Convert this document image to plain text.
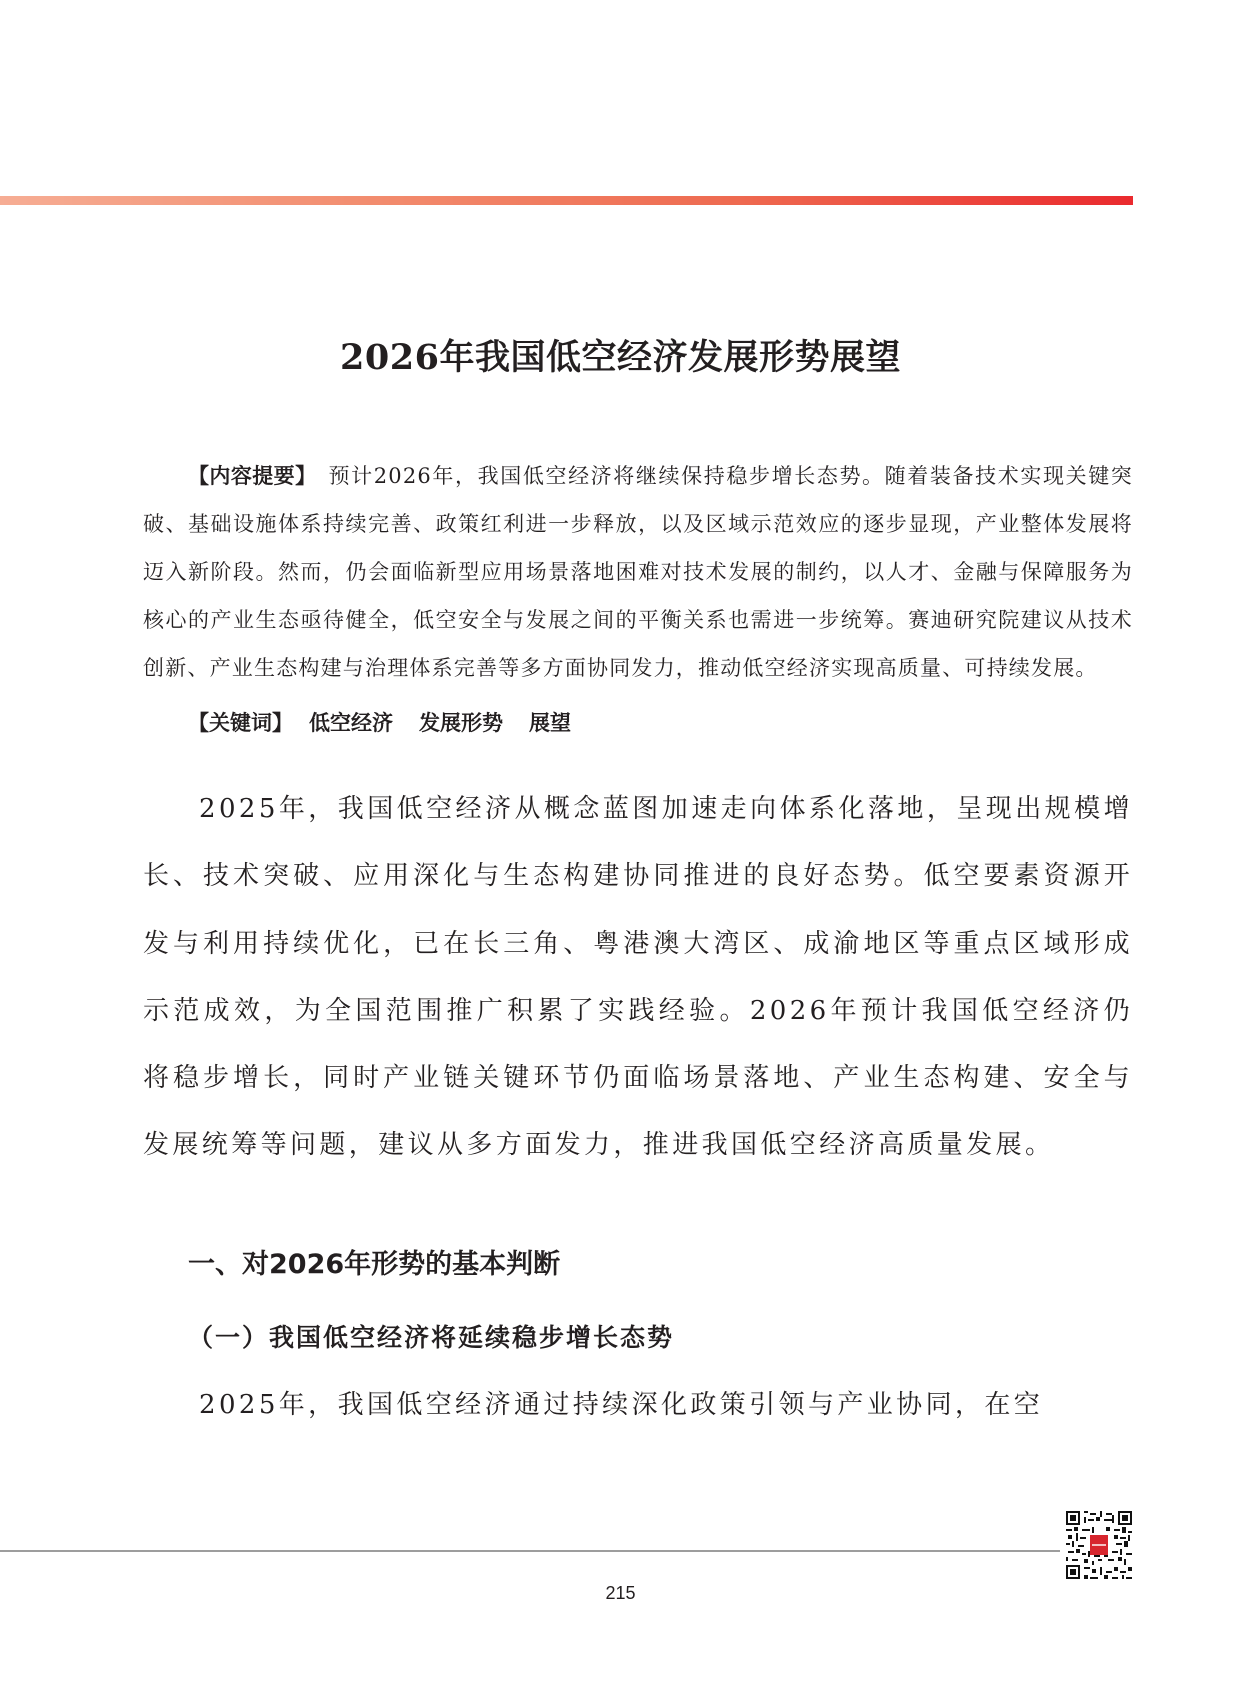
2026年我国低空经济发展形势展望
【内容提要】 预计2026年，我国低空经济将继续保持稳步增长态势。随着装备技术实现关键突破、基础设施体系持续完善、政策红利进一步释放，以及区域示范效应的逐步显现，产业整体发展将迈入新阶段。然而，仍会面临新型应用场景落地困难对技术发展的制约，以人才、金融与保障服务为核心的产业生态亟待健全，低空安全与发展之间的平衡关系也需进一步统筹。赛迪研究院建议从技术创新、产业生态构建与治理体系完善等多方面协同发力，推动低空经济实现高质量、可持续发展。
【关键词】 低空经济 发展形势 展望
2025年，我国低空经济从概念蓝图加速走向体系化落地，呈现出规模增长、技术突破、应用深化与生态构建协同推进的良好态势。低空要素资源开发与利用持续优化，已在长三角、粤港澳大湾区、成渝地区等重点区域形成示范成效，为全国范围推广积累了实践经验。2026年预计我国低空经济仍将稳步增长，同时产业链关键环节仍面临场景落地、产业生态构建、安全与发展统筹等问题，建议从多方面发力，推进我国低空经济高质量发展。
一、对2026年形势的基本判断
（一）我国低空经济将延续稳步增长态势
2025年，我国低空经济通过持续深化政策引领与产业协同，在空
215
